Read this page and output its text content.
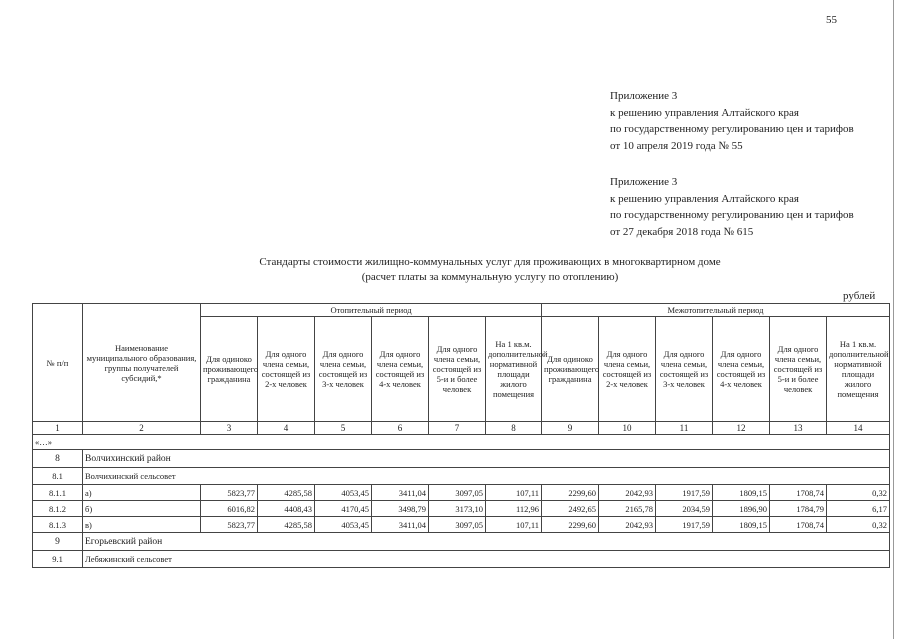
55
Приложение 3
к решению управления Алтайского края
по государственному регулированию цен и тарифов
от 10 апреля 2019 года № 55
Приложение 3
к решению управления Алтайского края
по государственному регулированию цен и тарифов
от 27 декабря 2018 года № 615
Стандарты стоимости жилищно-коммунальных услуг для проживающих в многоквартирном доме
(расчет платы за коммунальную услугу по отоплению)
рублей
№ п/п	Наименование муниципального образования, группы получателей субсидий,*	Отопительный период						Межотопительный период					
		Для одиноко проживающего гражданина	Для одного члена семьи, состоящей из 2-х человек	Для одного члена семьи, состоящей из 3-х человек	Для одного члена семьи, состоящей из 4-х человек	Для одного члена семьи, состоящей из 5-и и более человек	На 1 кв.м. дополнительной нормативной площади жилого помещения	Для одиноко проживающего гражданина	Для одного члена семьи, состоящей из 2-х человек	Для одного члена семьи, состоящей из 3-х человек	Для одного члена семьи, состоящей из 4-х человек	Для одного члена семьи, состоящей из 5-и и более человек	На 1 кв.м. дополнительной нормативной площади жилого помещения
1	2	3	4	5	6	7	8	9	10	11	12	13	14
«…»													
8	Волчихинский район												
8.1	Волчихинский сельсовет												
8.1.1	а)	5823,77	4285,58	4053,45	3411,04	3097,05	107,11	2299,60	2042,93	1917,59	1809,15	1708,74	0,32
8.1.2	б)	6016,82	4408,43	4170,45	3498,79	3173,10	112,96	2492,65	2165,78	2034,59	1896,90	1784,79	6,17
8.1.3	в)	5823,77	4285,58	4053,45	3411,04	3097,05	107,11	2299,60	2042,93	1917,59	1809,15	1708,74	0,32
9	Егорьевский район												
9.1	Лебяжинский сельсовет												
